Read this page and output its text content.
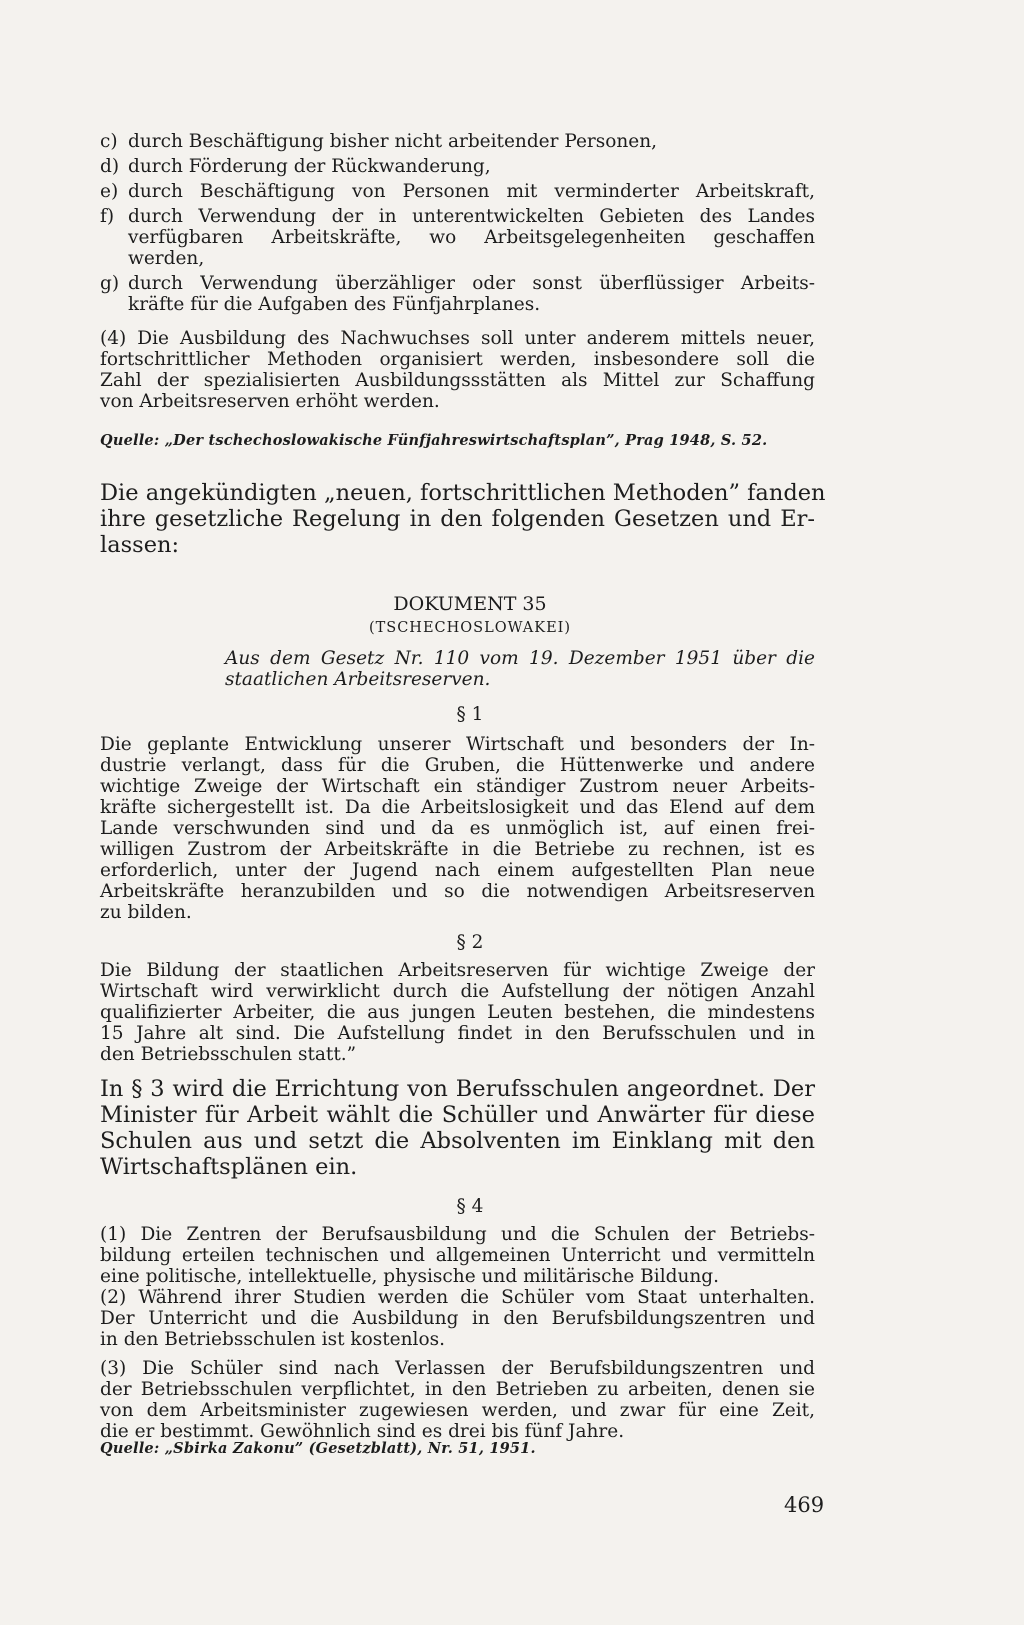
c) durch Beschäftigung bisher nicht arbeitender Personen,
d) durch Förderung der Rückwanderung,
e) durch Beschäftigung von Personen mit verminderter Arbeitskraft,
f) durch Verwendung der in unterentwickelten Gebieten des Landes
verfügbaren Arbeitskräfte, wo Arbeitsgelegenheiten geschaffen
werden,
g) durch Verwendung überzähliger oder sonst überflüssiger Arbeits-
kräfte für die Aufgaben des Fünfjahrplanes.
(4) Die Ausbildung des Nachwuchses soll unter anderem mittels neuer,
fortschrittlicher Methoden organisiert werden, insbesondere soll die
Zahl der spezialisierten Ausbildungssstätten als Mittel zur Schaffung
von Arbeitsreserven erhöht werden.
Quelle: „Der tschechoslowakische Fünfjahreswirtschaftsplan”, Prag 1948, S. 52.
Die angekündigten „neuen, fortschrittlichen Methoden” fanden
ihre gesetzliche Regelung in den folgenden Gesetzen und Er-
lassen:
DOKUMENT 35
(TSCHECHOSLOWAKEI)
Aus dem Gesetz Nr. 110 vom 19. Dezember 1951 über die
staatlichen Arbeitsreserven.
§ 1
Die geplante Entwicklung unserer Wirtschaft und besonders der In-
dustrie verlangt, dass für die Gruben, die Hüttenwerke und andere
wichtige Zweige der Wirtschaft ein ständiger Zustrom neuer Arbeits-
kräfte sichergestellt ist. Da die Arbeitslosigkeit und das Elend auf dem
Lande verschwunden sind und da es unmöglich ist, auf einen frei-
willigen Zustrom der Arbeitskräfte in die Betriebe zu rechnen, ist es
erforderlich, unter der Jugend nach einem aufgestellten Plan neue
Arbeitskräfte heranzubilden und so die notwendigen Arbeitsreserven
zu bilden.
§ 2
Die Bildung der staatlichen Arbeitsreserven für wichtige Zweige der
Wirtschaft wird verwirklicht durch die Aufstellung der nötigen Anzahl
qualifizierter Arbeiter, die aus jungen Leuten bestehen, die mindestens
15 Jahre alt sind. Die Aufstellung findet in den Berufsschulen und in
den Betriebsschulen statt.”
In § 3 wird die Errichtung von Berufsschulen angeordnet. Der
Minister für Arbeit wählt die Schüller und Anwärter für diese
Schulen aus und setzt die Absolventen im Einklang mit den
Wirtschaftsplänen ein.
§ 4
(1) Die Zentren der Berufsausbildung und die Schulen der Betriebs-
bildung erteilen technischen und allgemeinen Unterricht und vermitteln
eine politische, intellektuelle, physische und militärische Bildung.
(2) Während ihrer Studien werden die Schüler vom Staat unterhalten.
Der Unterricht und die Ausbildung in den Berufsbildungszentren und
in den Betriebsschulen ist kostenlos.
(3) Die Schüler sind nach Verlassen der Berufsbildungszentren und
der Betriebsschulen verpflichtet, in den Betrieben zu arbeiten, denen sie
von dem Arbeitsminister zugewiesen werden, und zwar für eine Zeit,
die er bestimmt. Gewöhnlich sind es drei bis fünf Jahre.
Quelle: „Sbirka Zakonu” (Gesetzblatt), Nr. 51, 1951.
469
